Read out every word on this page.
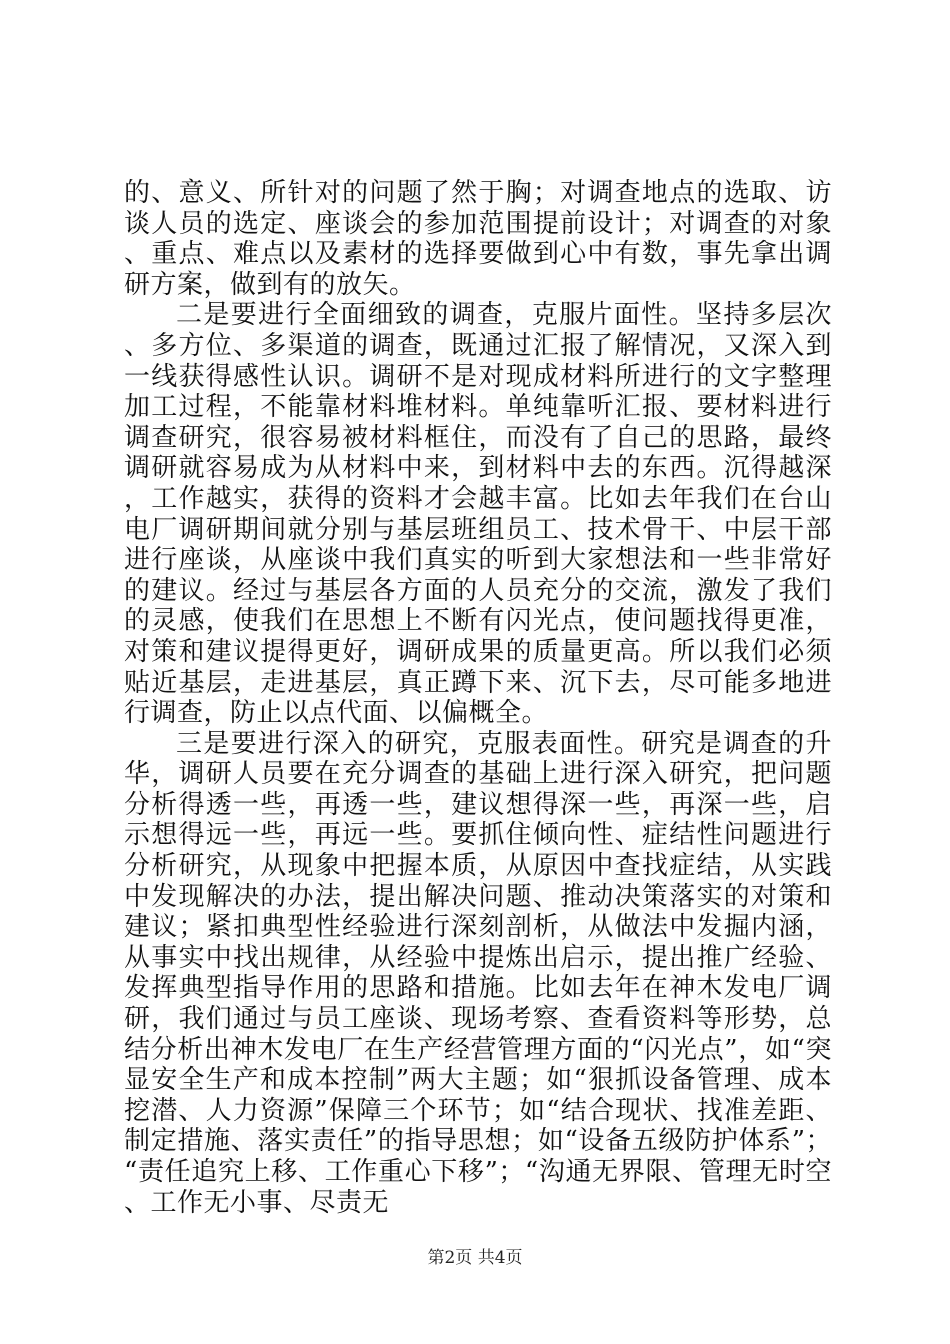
的、意义、所针对的问题了然于胸；对调查地点的选取、访谈人员的选定、座谈会的参加范围提前设计；对调查的对象、重点、难点以及素材的选择要做到心中有数，事先拿出调研方案，做到有的放矢。

二是要进行全面细致的调查，克服片面性。坚持多层次、多方位、多渠道的调查，既通过汇报了解情况，又深入到一线获得感性认识。调研不是对现成材料所进行的文字整理加工过程，不能靠材料堆材料。单纯靠听汇报、要材料进行调查研究，很容易被材料框住，而没有了自己的思路，最终调研就容易成为从材料中来，到材料中去的东西。沉得越深，工作越实，获得的资料才会越丰富。比如去年我们在台山电厂调研期间就分别与基层班组员工、技术骨干、中层干部进行座谈，从座谈中我们真实的听到大家想法和一些非常好的建议。经过与基层各方面的人员充分的交流，激发了我们的灵感，使我们在思想上不断有闪光点，使问题找得更准，对策和建议提得更好，调研成果的质量更高。所以我们必须贴近基层，走进基层，真正蹲下来、沉下去，尽可能多地进行调查，防止以点代面、以偏概全。

三是要进行深入的研究，克服表面性。研究是调查的升华，调研人员要在充分调查的基础上进行深入研究，把问题分析得透一些，再透一些，建议想得深一些，再深一些，启示想得远一些，再远一些。要抓住倾向性、症结性问题进行分析研究，从现象中把握本质，从原因中查找症结，从实践中发现解决的办法，提出解决问题、推动决策落实的对策和建议；紧扣典型性经验进行深刻剖析，从做法中发掘内涵，从事实中找出规律，从经验中提炼出启示，提出推广经验、发挥典型指导作用的思路和措施。比如去年在神木发电厂调研，我们通过与员工座谈、现场考察、查看资料等形势，总结分析出神木发电厂在生产经营管理方面的“闪光点”，如“突显安全生产和成本控制”两大主题；如“狠抓设备管理、成本挖潜、人力资源”保障三个环节；如“结合现状、找准差距、制定措施、落实责任”的指导思想；如“设备五级防护体系”；“责任追究上移、工作重心下移”；“沟通无界限、管理无时空、工作无小事、尽责无

第2页 共4页
